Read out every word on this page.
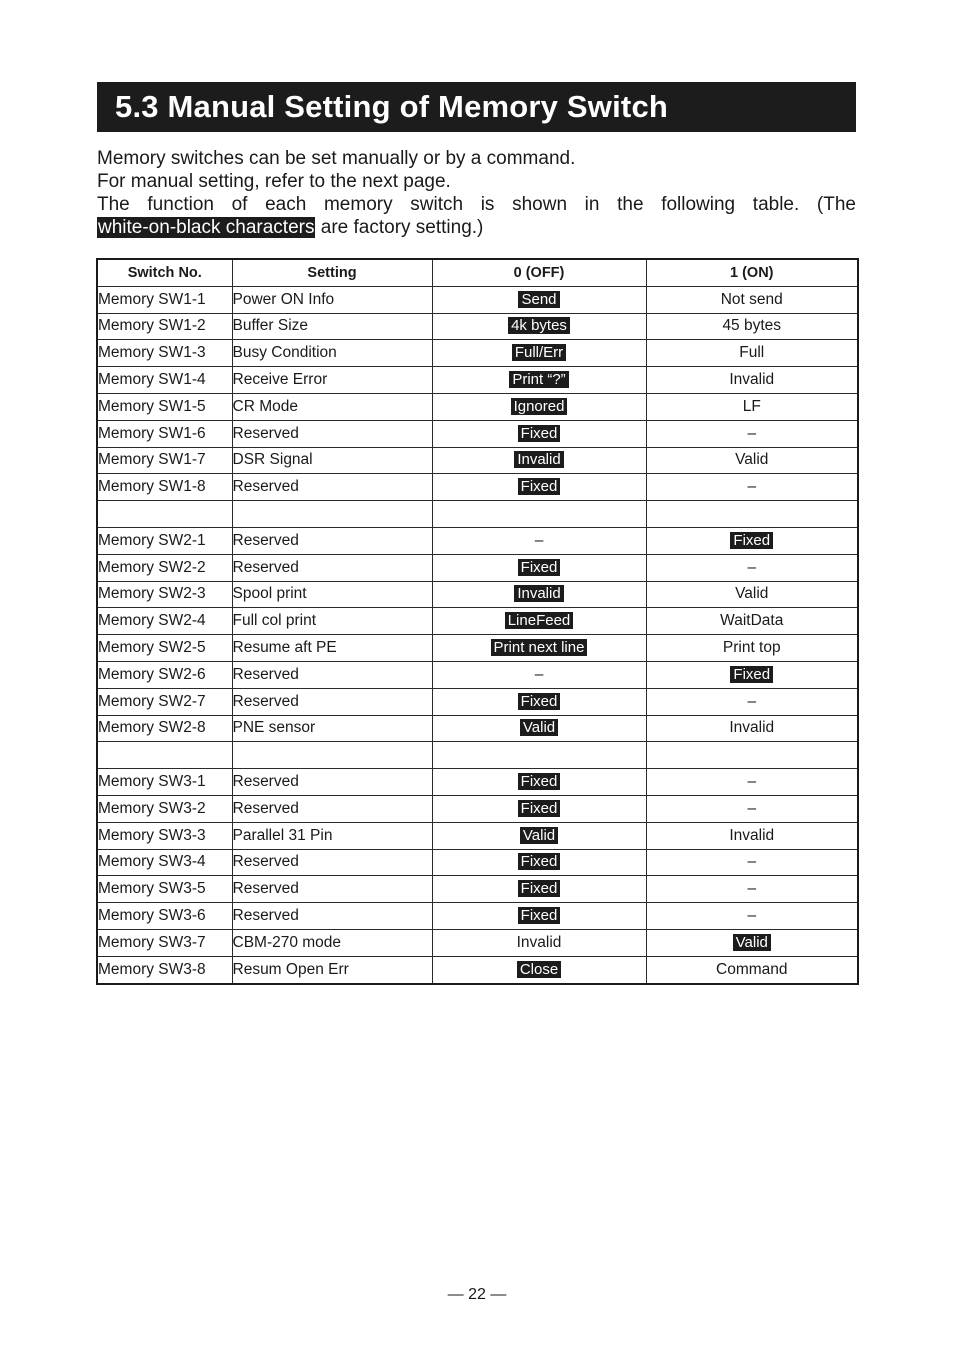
5.3 Manual Setting of Memory Switch

Memory switches can be set manually or by a command.

For manual setting, refer to the next page.

The function of each memory switch is shown in the following table. (The

white-on-black characters are factory setting.)

Switch No.	Setting	0 (OFF)	1 (ON)
Memory SW1-1	Power ON Info	Send	Not send
Memory SW1-2	Buffer Size	4k bytes	45 bytes
Memory SW1-3	Busy Condition	Full/Err	Full
Memory SW1-4	Receive Error	Print “?”	Invalid
Memory SW1-5	CR Mode	Ignored	LF
Memory SW1-6	Reserved	Fixed	–
Memory SW1-7	DSR Signal	Invalid	Valid
Memory SW1-8	Reserved	Fixed	–

Memory SW2-1	Reserved	–	Fixed
Memory SW2-2	Reserved	Fixed	–
Memory SW2-3	Spool print	Invalid	Valid
Memory SW2-4	Full col print	LineFeed	WaitData
Memory SW2-5	Resume aft PE	Print next line	Print top
Memory SW2-6	Reserved	–	Fixed
Memory SW2-7	Reserved	Fixed	–
Memory SW2-8	PNE sensor	Valid	Invalid

Memory SW3-1	Reserved	Fixed	–
Memory SW3-2	Reserved	Fixed	–
Memory SW3-3	Parallel 31 Pin	Valid	Invalid
Memory SW3-4	Reserved	Fixed	–
Memory SW3-5	Reserved	Fixed	–
Memory SW3-6	Reserved	Fixed	–
Memory SW3-7	CBM-270 mode	Invalid	Valid
Memory SW3-8	Resum Open Err	Close	Command
— 22 —
